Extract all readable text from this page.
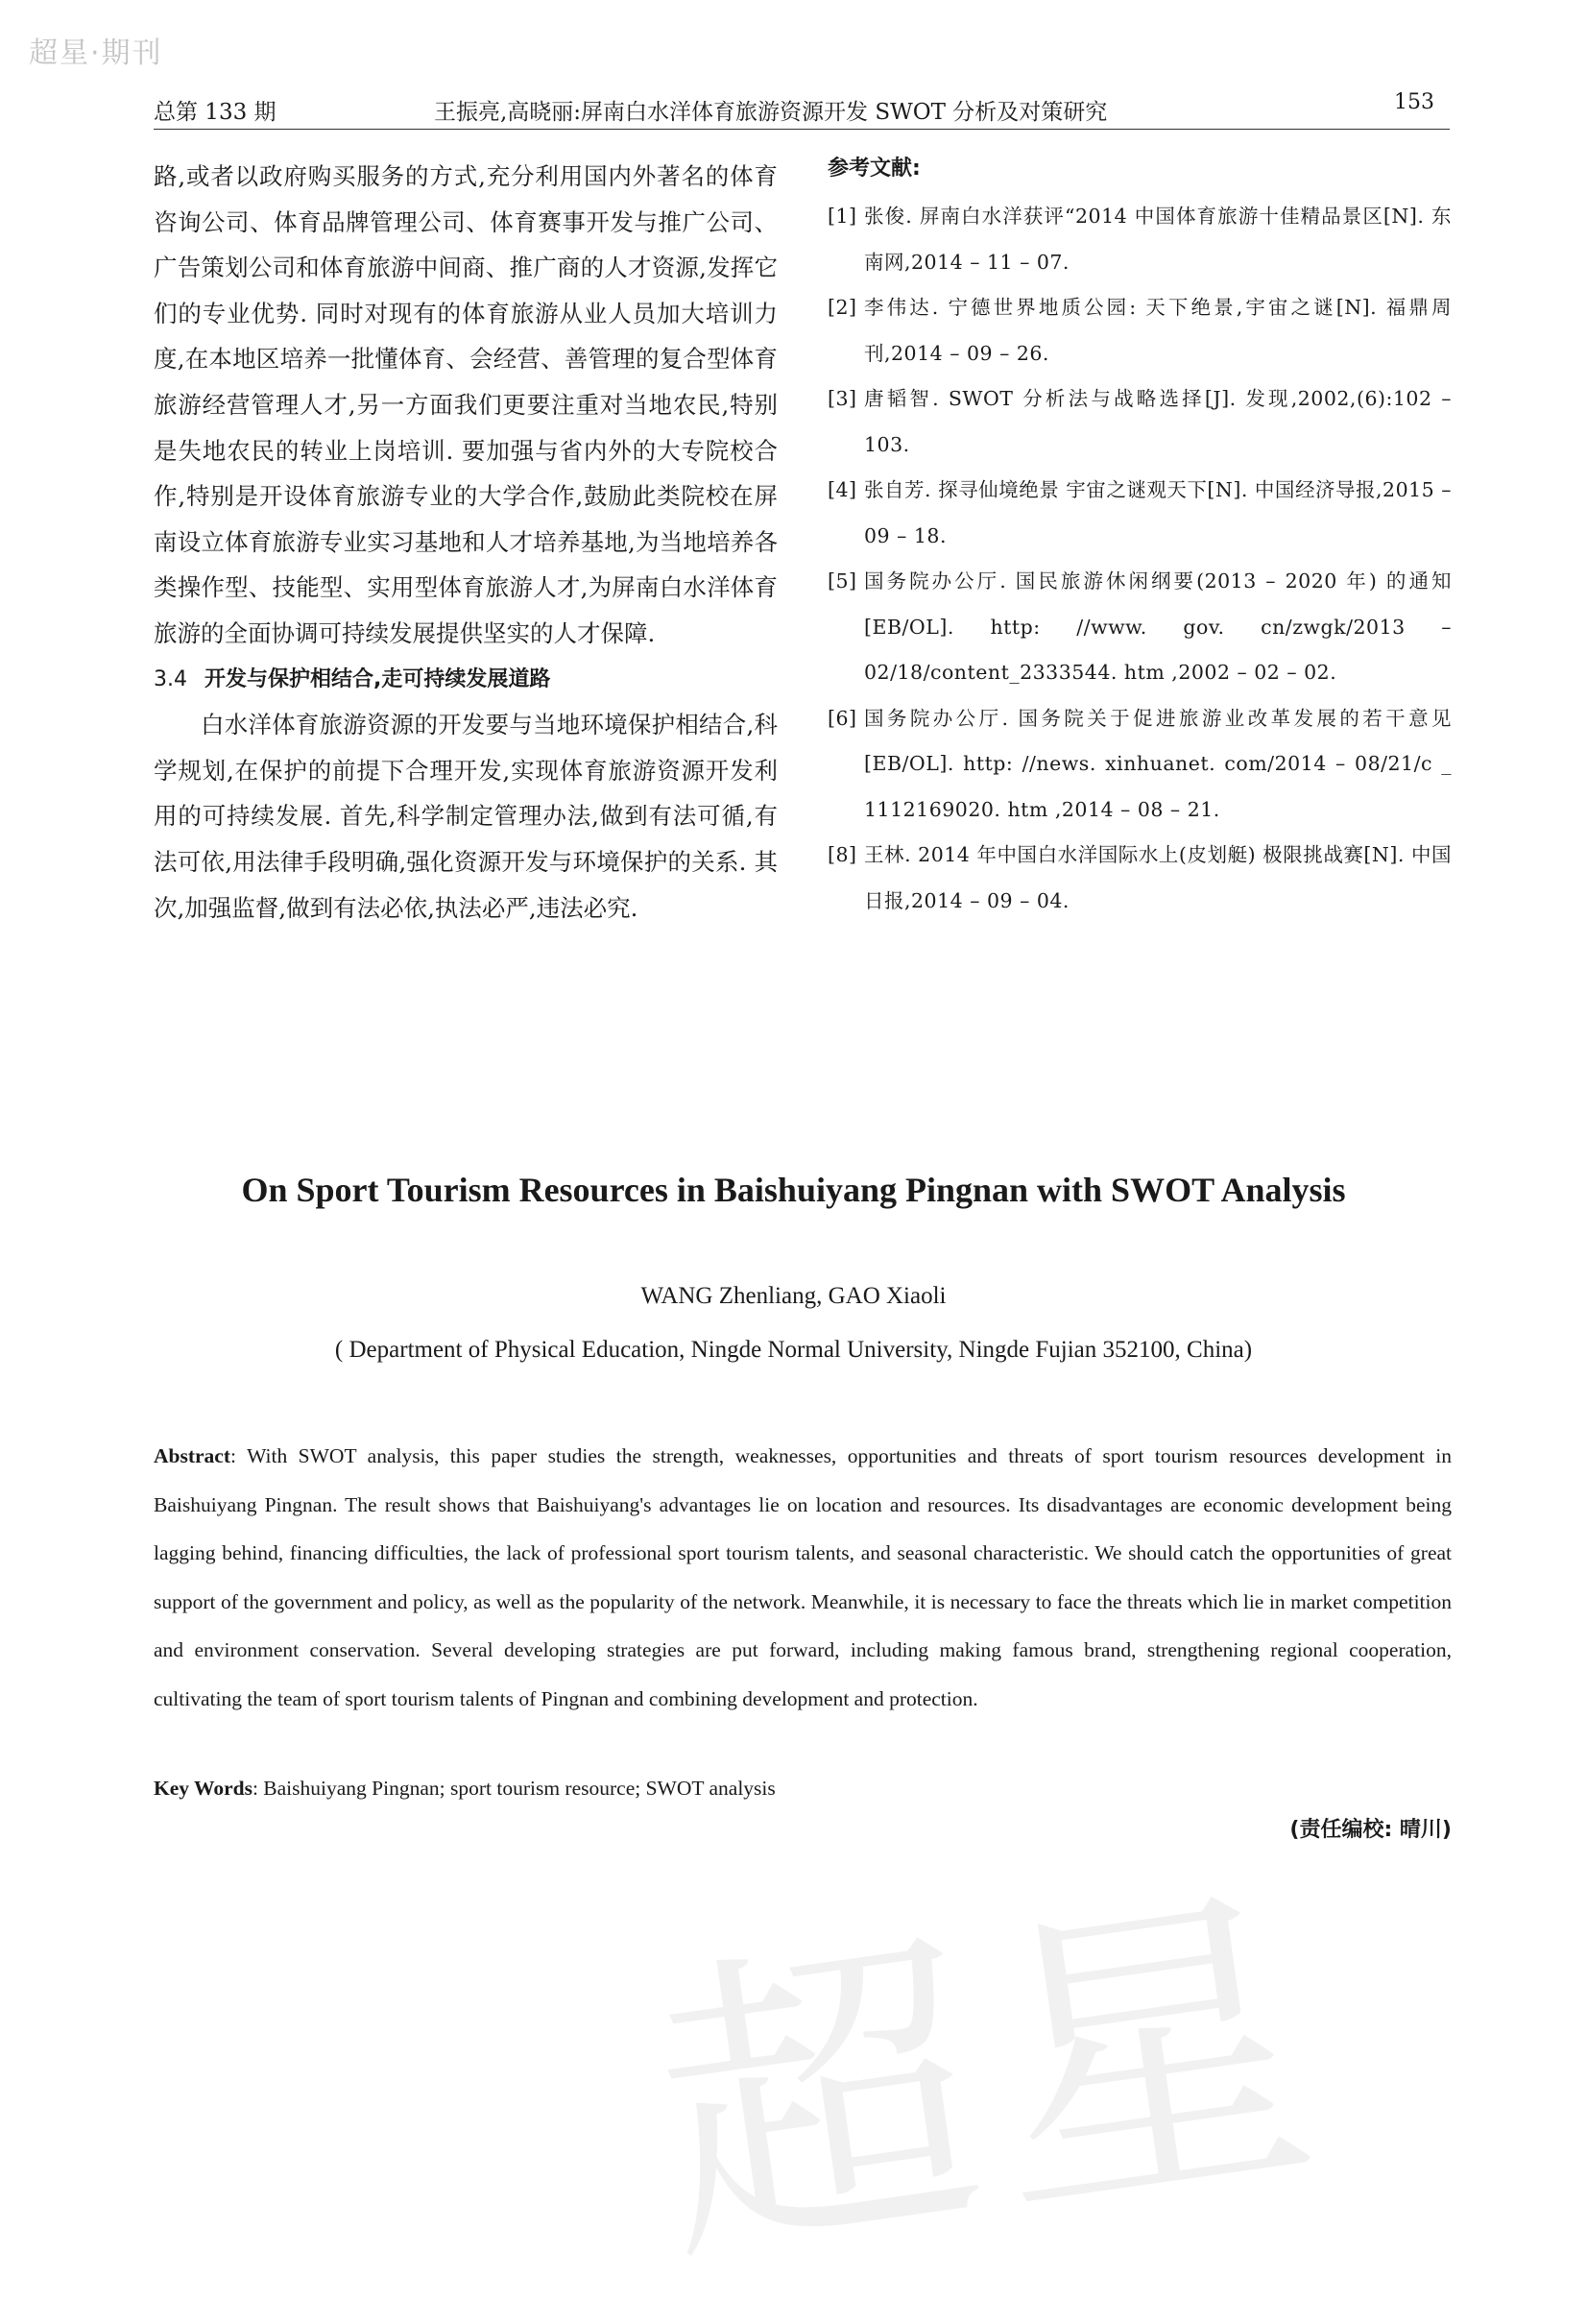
超星·期刊
超星
总第 133 期	王振亮,高晓丽:屏南白水洋体育旅游资源开发 SWOT 分析及对策研究	153

路,或者以政府购买服务的方式,充分利用国内外著名的体育咨询公司、体育品牌管理公司、体育赛事开发与推广公司、广告策划公司和体育旅游中间商、推广商的人才资源,发挥它们的专业优势. 同时对现有的体育旅游从业人员加大培训力度,在本地区培养一批懂体育、会经营、善管理的复合型体育旅游经营管理人才,另一方面我们更要注重对当地农民,特别是失地农民的转业上岗培训. 要加强与省内外的大专院校合作,特别是开设体育旅游专业的大学合作,鼓励此类院校在屏南设立体育旅游专业实习基地和人才培养基地,为当地培养各类操作型、技能型、实用型体育旅游人才,为屏南白水洋体育旅游的全面协调可持续发展提供坚实的人才保障.

3.4 开发与保护相结合,走可持续发展道路

白水洋体育旅游资源的开发要与当地环境保护相结合,科学规划,在保护的前提下合理开发,实现体育旅游资源开发利用的可持续发展. 首先,科学制定管理办法,做到有法可循,有法可依,用法律手段明确,强化资源开发与环境保护的关系. 其次,加强监督,做到有法必依,执法必严,违法必究.

参考文献:
[1] 张俊. 屏南白水洋获评“2014 中国体育旅游十佳精品景区[N]. 东南网,2014 – 11 – 07.
[2] 李伟达. 宁德世界地质公园: 天下绝景,宇宙之谜[N]. 福鼎周刊,2014 – 09 – 26.
[3] 唐韬智. SWOT 分析法与战略选择[J]. 发现,2002,(6):102 – 103.
[4] 张自芳. 探寻仙境绝景 宇宙之谜观天下[N]. 中国经济导报,2015 – 09 – 18.
[5] 国务院办公厅. 国民旅游休闲纲要(2013 – 2020 年) 的通知[EB/OL]. http: //www. gov. cn/zwgk/2013 – 02/18/content_2333544. htm ,2002 – 02 – 02.
[6] 国务院办公厅. 国务院关于促进旅游业改革发展的若干意见[EB/OL]. http: //news. xinhuanet. com/2014 – 08/21/c _ 1112169020. htm ,2014 – 08 – 21.
[8] 王林. 2014 年中国白水洋国际水上(皮划艇) 极限挑战赛[N]. 中国日报,2014 – 09 – 04.
On Sport Tourism Resources in Baishuiyang Pingnan with SWOT Analysis
WANG Zhenliang, GAO Xiaoli
( Department of Physical Education, Ningde Normal University, Ningde Fujian 352100, China)

Abstract: With SWOT analysis, this paper studies the strength, weaknesses, opportunities and threats of sport tourism resources development in Baishuiyang Pingnan. The result shows that Baishuiyang's advantages lie on location and resources. Its disadvantages are economic development being lagging behind, financing difficulties, the lack of professional sport tourism talents, and seasonal characteristic. We should catch the opportunities of great support of the government and policy, as well as the popularity of the network. Meanwhile, it is necessary to face the threats which lie in market competition and environment conservation. Several developing strategies are put forward, including making famous brand, strengthening regional cooperation, cultivating the team of sport tourism talents of Pingnan and combining development and protection.

Key Words: Baishuiyang Pingnan; sport tourism resource; SWOT analysis

(责任编校: 晴川)
